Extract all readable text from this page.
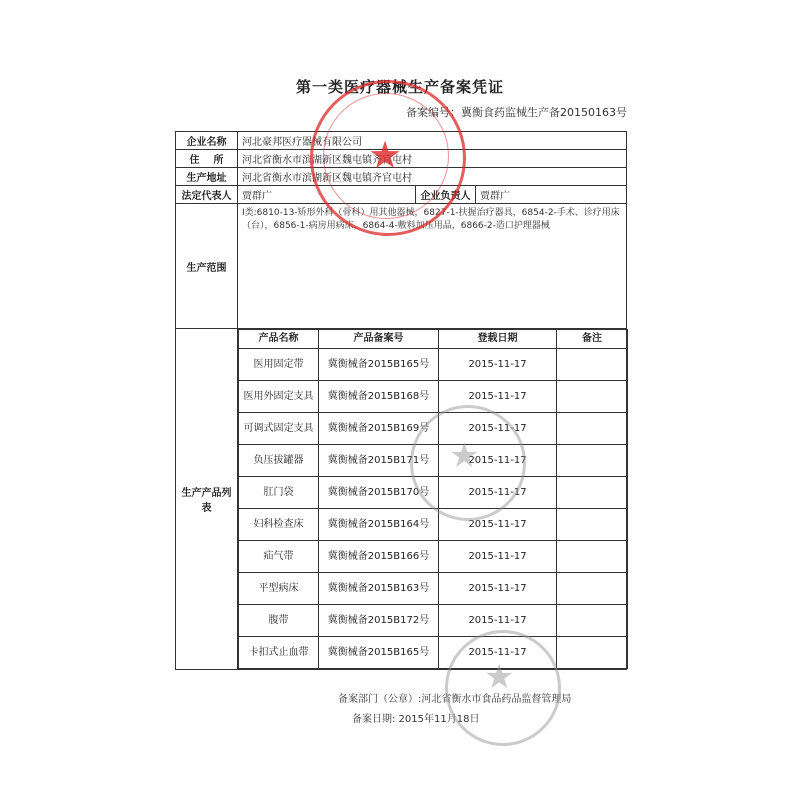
第一类医疗器械生产备案凭证
备案编号：冀衡食药监械生产备20150163号
企业名称	河北豪邦医疗器械有限公司
住    所	河北省衡水市滨湖新区魏屯镇齐官屯村
生产地址	河北省衡水市滨湖新区魏屯镇齐官屯村
法定代表人	贾群广	企业负责人	贾群广
生产范围	Ⅰ类:6810-13-矫形外科（骨科）用其他器械，6827-1-扶握治疗器具，6854-2-手术、诊疗用床（台），6856-1-病房用病床，6864-4-敷料加压用品，6866-2-造口护理器械
生产产品列表	
产品名称	产品备案号	登载日期	备注
医用固定带	冀衡械备2015B165号	2015-11-17	
医用外固定支具	冀衡械备2015B168号	2015-11-17	
可调式固定支具	冀衡械备2015B169号	2015-11-17	
负压拔罐器	冀衡械备2015B171号	2015-11-17	
肛门袋	冀衡械备2015B170号	2015-11-17	
妇科检查床	冀衡械备2015B164号	2015-11-17	
疝气带	冀衡械备2015B166号	2015-11-17	
平型病床	冀衡械备2015B163号	2015-11-17	
腹带	冀衡械备2015B172号	2015-11-17	
卡扣式止血带	冀衡械备2015B165号	2015-11-17	
备案部门（公章）:河北省衡水市食品药品监督管理局
备案日期: 2015年11月18日
★
★
★
